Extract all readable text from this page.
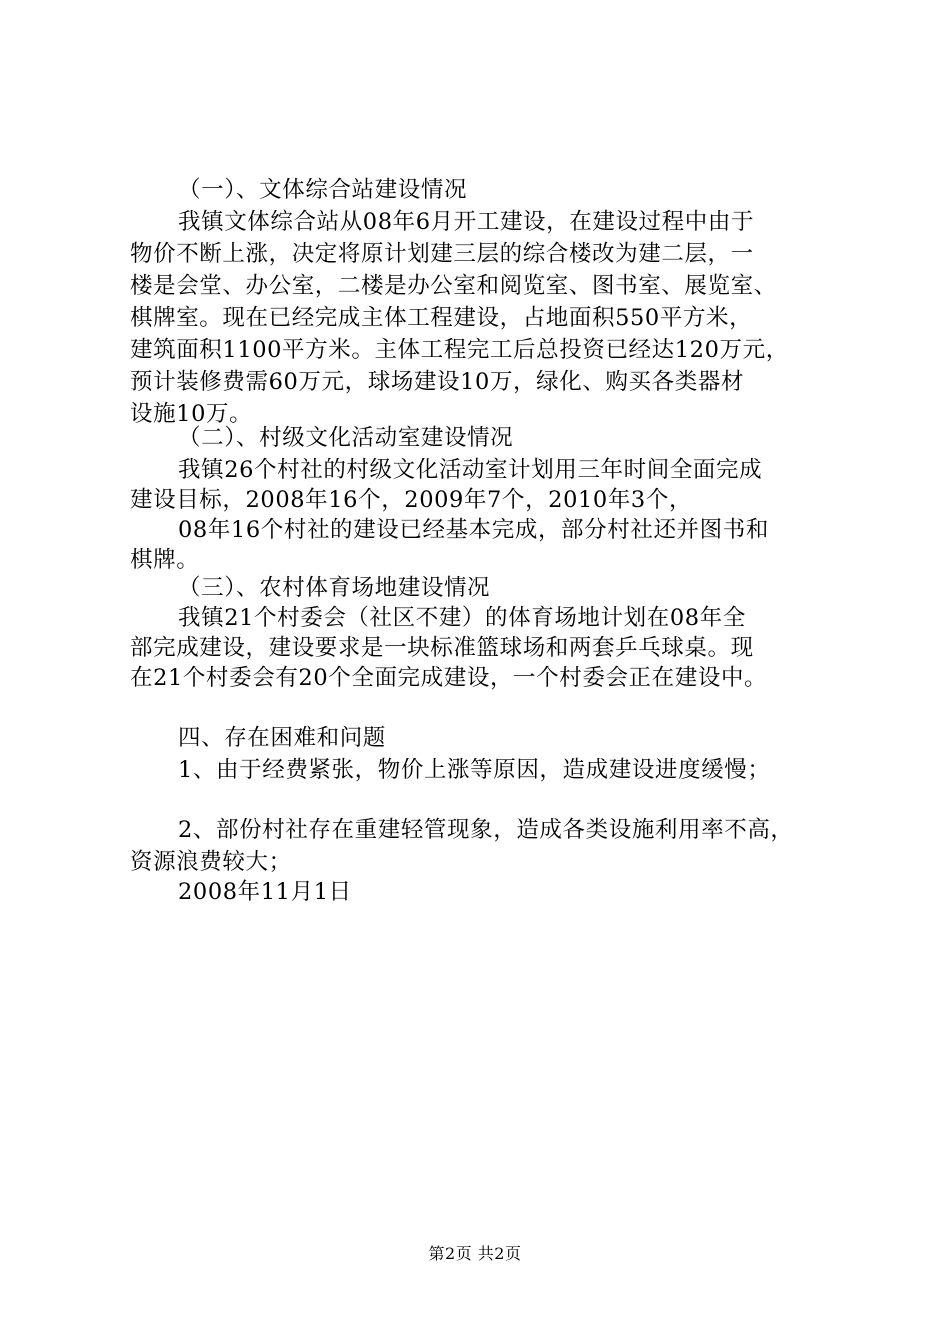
（一）、文体综合站建设情况
我镇文体综合站从08年6月开工建设，在建设过程中由于
物价不断上涨，决定将原计划建三层的综合楼改为建二层，一
楼是会堂、办公室，二楼是办公室和阅览室、图书室、展览室、
棋牌室。现在已经完成主体工程建设，占地面积550平方米，
建筑面积1100平方米。主体工程完工后总投资已经达120万元，
预计装修费需60万元，球场建设10万，绿化、购买各类器材
设施10万。
（二）、村级文化活动室建设情况
我镇26个村社的村级文化活动室计划用三年时间全面完成
建设目标，2008年16个，2009年7个，2010年3个，
08年16个村社的建设已经基本完成，部分村社还并图书和
棋牌。
（三）、农村体育场地建设情况
我镇21个村委会（社区不建）的体育场地计划在08年全
部完成建设，建设要求是一块标准篮球场和两套乒乓球桌。现
在21个村委会有20个全面完成建设，一个村委会正在建设中。
四、存在困难和问题
1、由于经费紧张，物价上涨等原因，造成建设进度缓慢；
2、部份村社存在重建轻管现象，造成各类设施利用率不高，
资源浪费较大；
2008年11月1日
第2页 共2页
